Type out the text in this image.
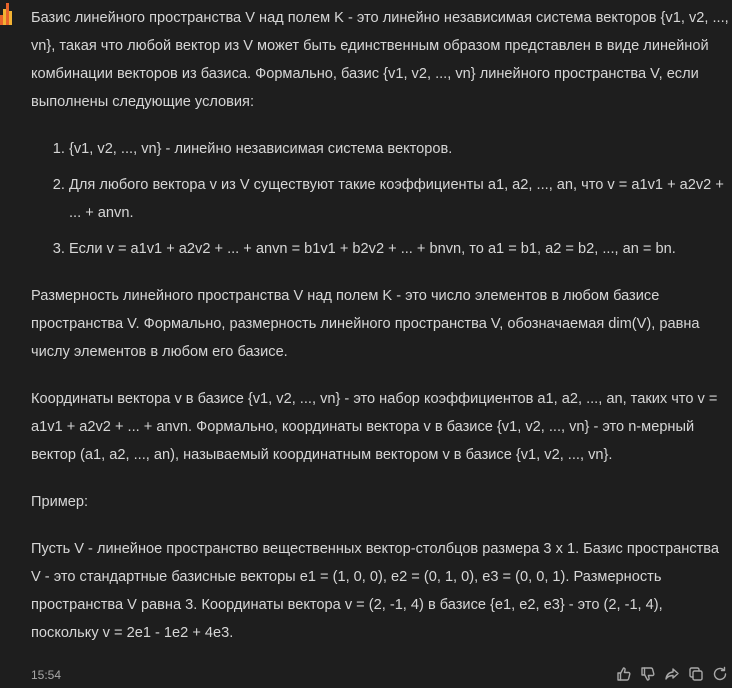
Базис линейного пространства V над полем K - это линейно независимая система векторов {v1, v2, ..., vn}, такая что любой вектор из V может быть единственным образом представлен в виде линейной комбинации векторов из базиса. Формально, базис {v1, v2, ..., vn} линейного пространства V, если выполнены следующие условия:

1. {v1, v2, ..., vn} - линейно независимая система векторов.
2. Для любого вектора v из V существуют такие коэффициенты a1, a2, ..., an, что v = a1v1 + a2v2 + ... + anvn.
3. Если v = a1v1 + a2v2 + ... + anvn = b1v1 + b2v2 + ... + bnvn, то a1 = b1, a2 = b2, ..., an = bn.

Размерность линейного пространства V над полем K - это число элементов в любом базисе пространства V. Формально, размерность линейного пространства V, обозначаемая dim(V), равна числу элементов в любом его базисе.

Координаты вектора v в базисе {v1, v2, ..., vn} - это набор коэффициентов a1, a2, ..., an, таких что v = a1v1 + a2v2 + ... + anvn. Формально, координаты вектора v в базисе {v1, v2, ..., vn} - это n-мерный вектор (a1, a2, ..., an), называемый координатным вектором v в базисе {v1, v2, ..., vn}.

Пример:

Пусть V - линейное пространство вещественных вектор-столбцов размера 3 x 1. Базис пространства V - это стандартные базисные векторы e1 = (1, 0, 0), e2 = (0, 1, 0), e3 = (0, 0, 1). Размерность пространства V равна 3. Координаты вектора v = (2, -1, 4) в базисе {e1, e2, e3} - это (2, -1, 4), поскольку v = 2e1 - 1e2 + 4e3.

15:54
